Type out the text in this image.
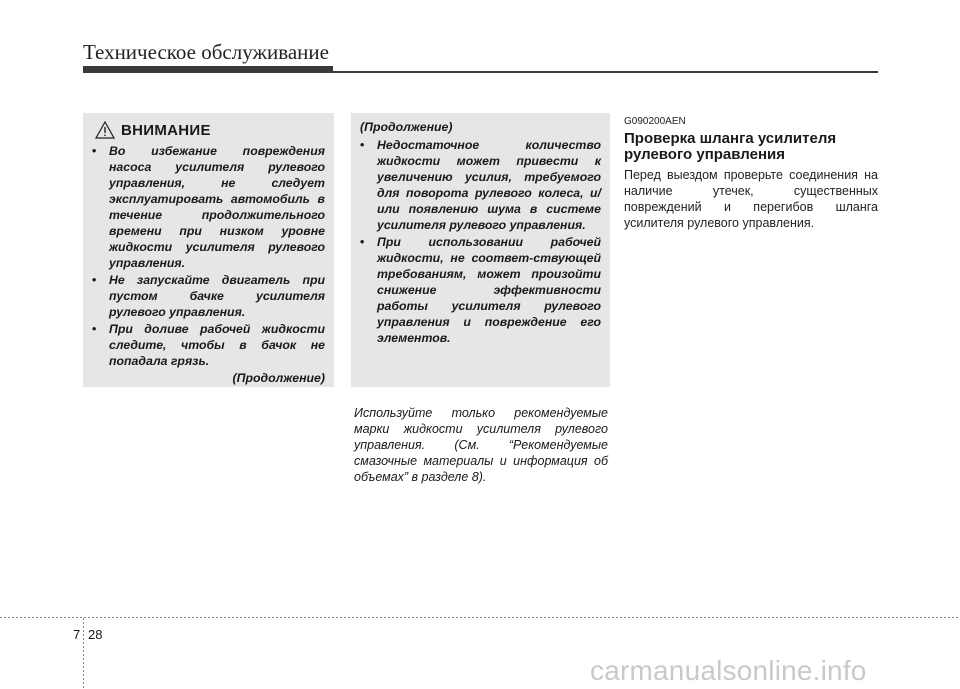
Техническое обслуживание
ВНИМАНИЕ
• Во избежание повреждения насоса усилителя рулевого управления, не следует эксплуатировать автомобиль в течение продолжительного времени при низком уровне жидкости усилителя рулевого управления.
• Не запускайте двигатель при пустом бачке усилителя рулевого управления.
• При доливе рабочей жидкости следите, чтобы в бачок не попадала грязь.
(Продолжение)
(Продолжение)
• Недостаточное количество жидкости может привести к увеличению усилия, требуемого для поворота рулевого колеса, и/или появлению шума в системе усилителя рулевого управления.
• При использовании рабочей жидкости, не соответ-ствующей требованиям, может произойти снижение эффективности работы усилителя рулевого управления и повреждение его элементов.
Используйте только рекомендуемые марки жидкости усилителя рулевого управления. (См. “Рекомендуемые смазочные материалы и информация об объемах” в разделе 8).
G090200AEN
Проверка шланга усилителя рулевого управления
Перед выездом проверьте соединения на наличие утечек, существенных повреждений и перегибов шланга усилителя рулевого управления.
7 28
carmanualsonline.info
